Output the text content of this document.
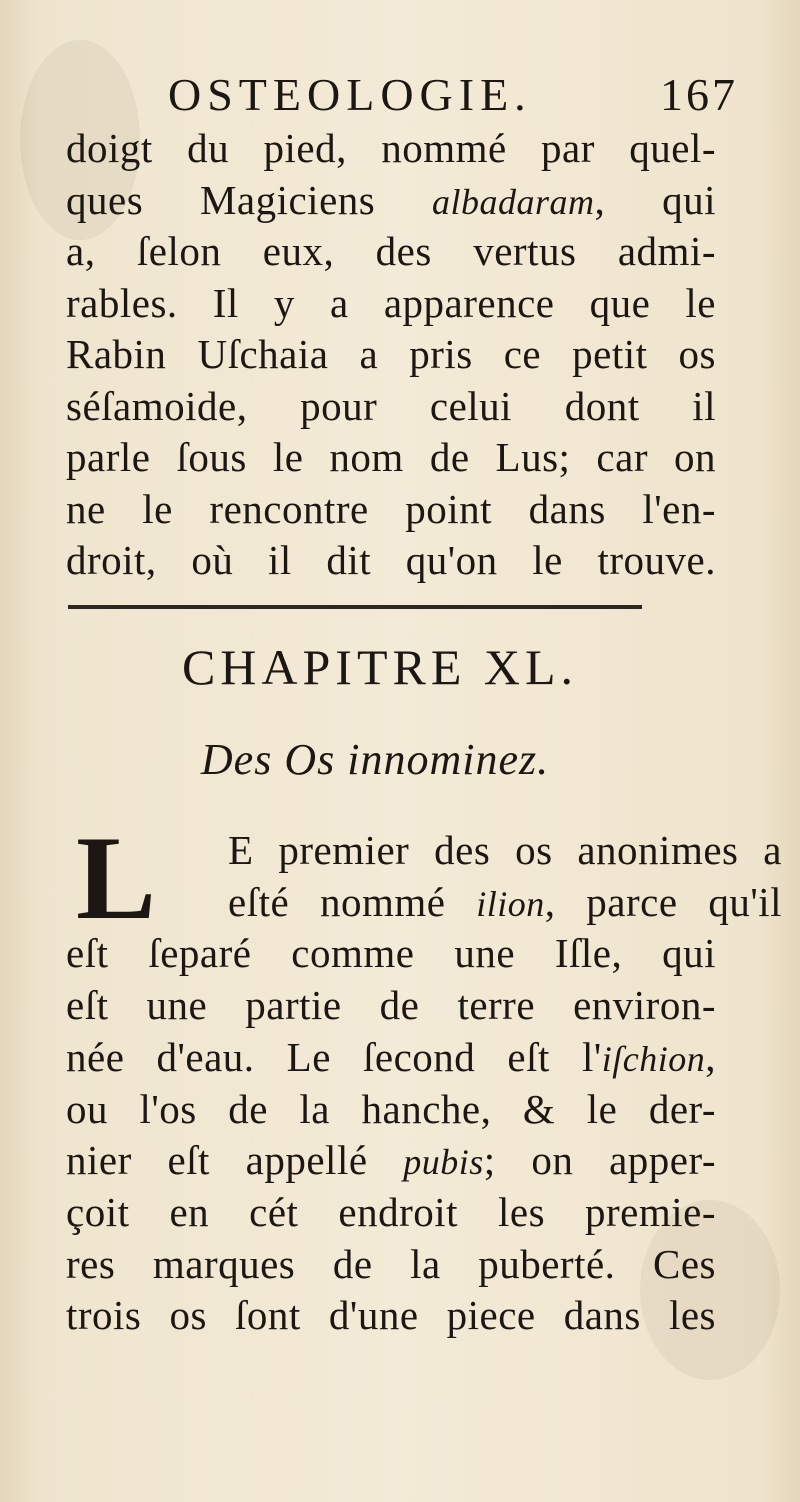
OSTEOLOGIE.	167
doigt du pied, nommé par quel-
ques Magiciens albadaram, qui
a, ſelon eux, des vertus admi-
rables. Il y a apparence que le
Rabin Uſchaia a pris ce petit os
séſamoide, pour celui dont il
parle ſous le nom de Lus; car on
ne le rencontre point dans l'en-
droit, où il dit qu'on le trouve.
CHAPITRE XL.
Des Os innominez.
L E premier des os anonimes a
eſté nommé ilion, parce qu'il
eſt ſeparé comme une Iſle, qui
eſt une partie de terre environ-
née d'eau. Le ſecond eſt l'iſchion,
ou l'os de la hanche, & le der-
nier eſt appellé pubis; on apper-
çoit en cét endroit les premie-
res marques de la puberté. Ces
trois os ſont d'une piece dans les
